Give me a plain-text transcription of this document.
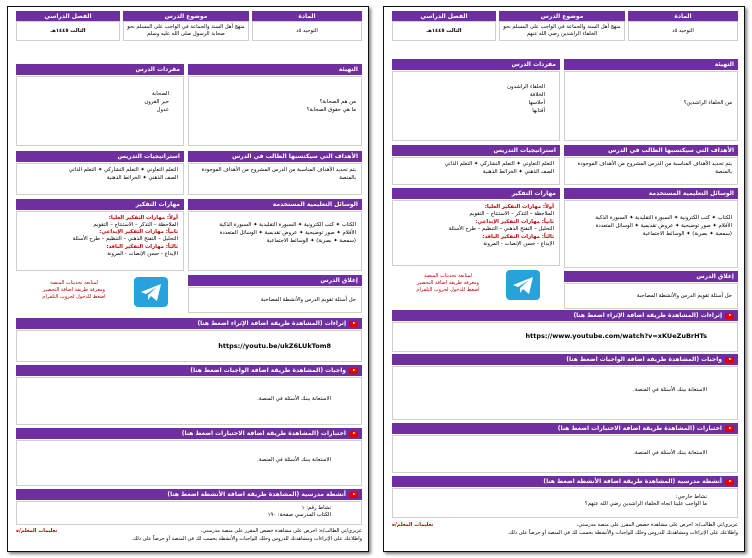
المادة
موضوع الدرس
الفصل الدراسي
التوحيد ٥د
منهج أهل السنة والجماعة في الواجب على المسلم نحو صحابة الرسول صلى الله عليه وسلم
الثالث ١٤٤٥هـ
التهيئة
من هم الصحابة؟
ما هي حقوق الصحابة؟
مفردات الدرس
الصحابة
خير القرون
عدول
الأهداف التي سيكتسبها الطالب في الدرس
يتم تحديد الأهداف المناسبة من الدرس المشروح من الأهداف الموجودة بالمنصة
استراتيجيات التدريس
التعلم التعاوني ✦ التعلم التشاركي ✦ التعلم الذاتي
الصف الذهني ✦ الخرائط الذهنية
الوسائل التعليمية المستخدمة
الكتاب ✦ كتب الكترونية ✦ السبورة التقليدية ✦ السبورة الذكية
الأقلام ✦ صور توضيحية ✦ عروض تقديمية ✦ الوسائل المتعددة
(سمعية ✦ بصرية) ✦ الوسائط الاجتماعية
مهارات التفكير
أولاً: مهارات التفكير العليا:
الملاحظة – التذكر – الاستنتاج – التقويم
ثانياً: مهارات التفكير الإبداعي:
التحليل – التفتح الذهني – التنظيم – طرح الأسئلة
ثالثاً: مهارات التفكير الناقد:
الإبداع - حسن الإنصات - المرونة
إغلاق الدرس
حل أسئلة تقويم الدرس والأنشطة المصاحبة
لمتابعة تحديثات المنصة
ومعرفة طريقة اضافة التحضير
اضغط للدخول لجروب التلقرام
إثراءات (المشاهدة طريقة اضافة الإثراء اضغط هنا)
https://youtu.be/ukZ6LUkTom8
واجبات (المشاهدة طريقة اضافة الواجبات اضغط هنا)
الاستعانة ببنك الأسئلة في المنصة.
اختبارات (المشاهدة طريقة اضافة الاختبارات اضغط هنا)
الاستعانة ببنك الأسئلة في المنصة.
أنشطة مدرسية (المشاهدة طريقة اضافة الأنشطة اضغط هنا)
نشاط رقم: ١
الكتاب المدرسي صفحة: ١٩٠
تعليمات المعلم/ة	عزيزي/تي الطالب/ة: احرص على مشاهدة حصص المقرر على منصة مدرستي،
واطلاعك على الإثراءات ومشاهدتك للدروس وحلك للواجبات والأنشطة يحسب لك في المنصة أو حرصاً على ذلك.
المادة
موضوع الدرس
الفصل الدراسي
التوحيد ٥د
منهج أهل السنة والجماعة في الواجب على المسلم نحو الخلفاء الراشدين رضي الله عنهم
الثالث ١٤٤٥هـ
التهيئة
من الخلفاء الراشدين؟
مفردات الدرس
الخلفاء الراشدون
الخلافة
أحلاسها
أقتابها
الأهداف التي سيكتسبها الطالب في الدرس
يتم تحديد الأهداف المناسبة من الدرس المشروح من الأهداف الموجودة بالمنصة
استراتيجيات التدريس
التعلم التعاوني ✦ التعلم التشاركي ✦ التعلم الذاتي
الصف الذهني ✦ الخرائط الذهنية
الوسائل التعليمية المستخدمة
الكتاب ✦ كتب الكترونية ✦ السبورة التقليدية ✦ السبورة الذكية
الأقلام ✦ صور توضيحية ✦ عروض تقديمية ✦ الوسائل المتعددة
(سمعية ✦ بصرية) ✦ الوسائط الاجتماعية
مهارات التفكير
أولاً: مهارات التفكير العليا:
الملاحظة – التذكر – الاستنتاج – التقويم
ثانياً: مهارات التفكير الإبداعي:
التحليل – التفتح الذهني – التنظيم – طرح الأسئلة
ثالثاً: مهارات التفكير الناقد:
الإبداع - حسن الإنصات - المرونة
إغلاق الدرس
حل أسئلة تقويم الدرس والأنشطة المصاحبة
لمتابعة تحديثات المنصة
ومعرفة طريقة اضافة التحضير
اضغط للدخول لجروب التلقرام
إثراءات (المشاهدة طريقة اضافة الإثراء اضغط هنا)
https://www.youtube.com/watch?v=xKUeZuBrHTs
واجبات (المشاهدة طريقة اضافة الواجبات اضغط هنا)
الاستعانة ببنك الأسئلة في المنصة.
اختبارات (المشاهدة طريقة اضافة الاختبارات اضغط هنا)
الاستعانة ببنك الأسئلة في المنصة.
أنشطة مدرسية (المشاهدة طريقة اضافة الأنشطة اضغط هنا)
نشاط خارجي:
ما الواجب علينا اتجاه الخلفاء الراشدين رضي الله عنهم؟
تعليمات المعلم/ة	عزيزي/تي الطالب/ة: احرص على مشاهدة حصص المقرر على منصة مدرستي،
واطلاعك على الإثراءات ومشاهدتك للدروس وحلك للواجبات والأنشطة يحسب لك في المنصة أو حرصاً على ذلك.
